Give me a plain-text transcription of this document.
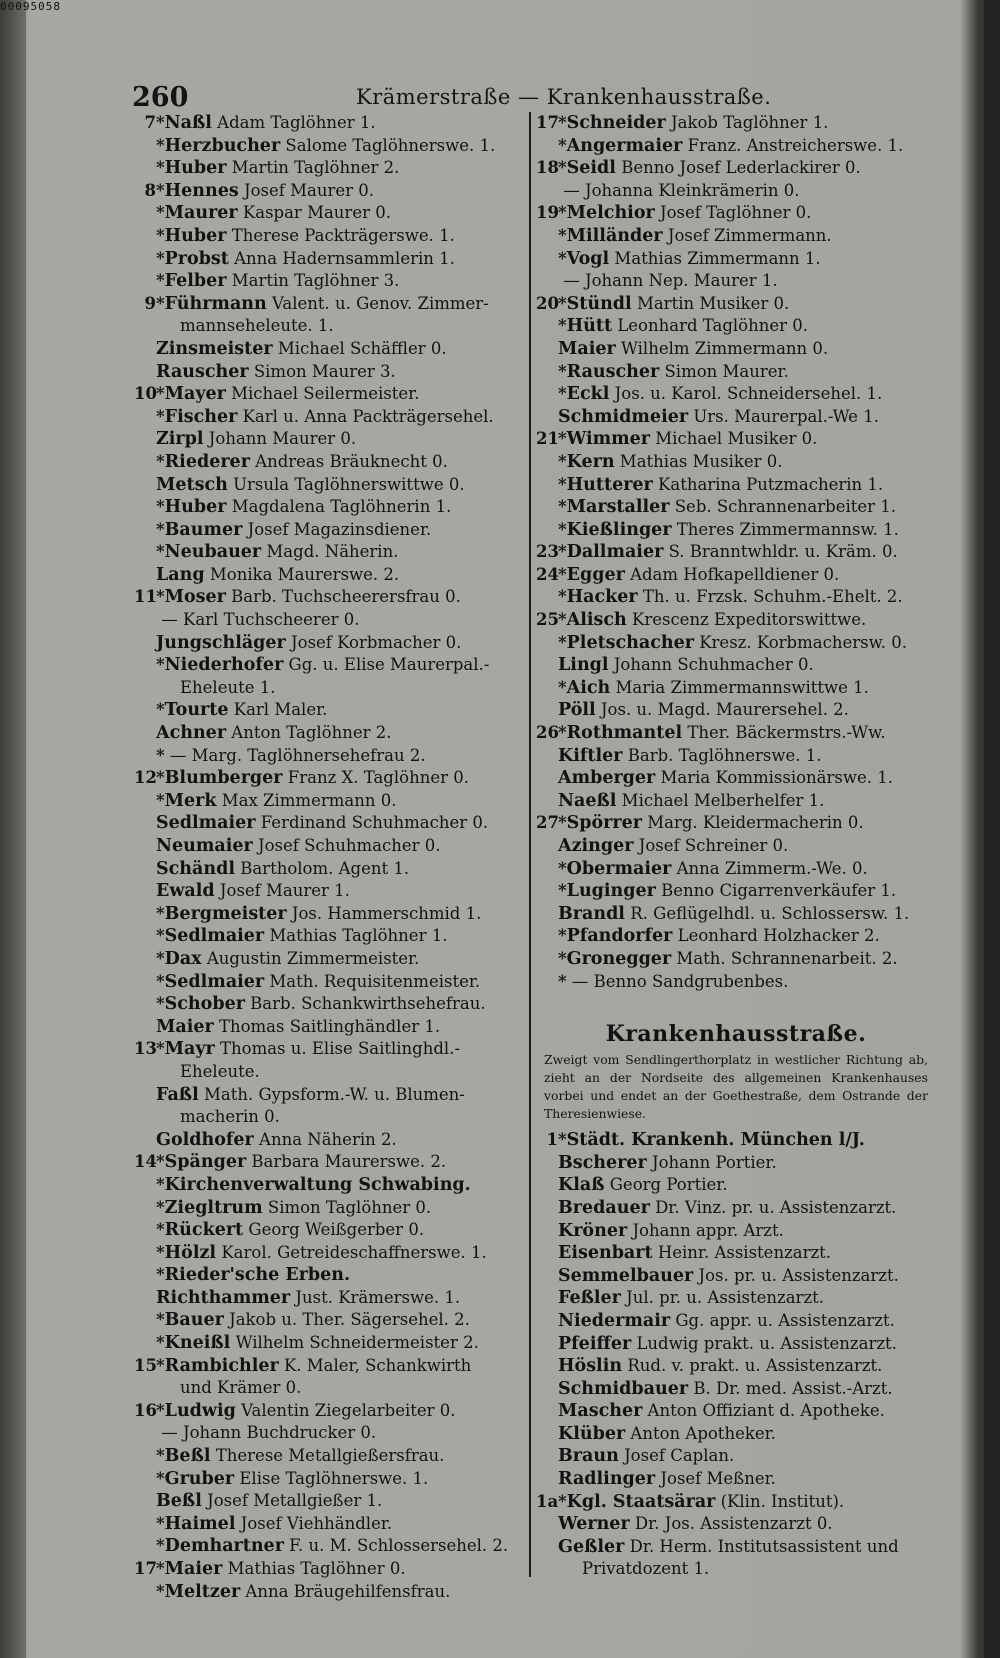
00095058
260	Krämerstraße — Krankenhausstraße.
7*Naßl Adam Taglöhner 1.
*Herzbucher Salome Taglöhnerswe. 1.
*Huber Martin Taglöhner 2.
8*Hennes Josef Maurer 0.
*Maurer Kaspar Maurer 0.
*Huber Therese Packträgerswe. 1.
*Probst Anna Hadernsammlerin 1.
*Felber Martin Taglöhner 3.
9*Führmann Valent. u. Genov. Zimmer-
mannseheleute. 1.
Zinsmeister Michael Schäffler 0.
Rauscher Simon Maurer 3.
10*Mayer Michael Seilermeister.
*Fischer Karl u. Anna Packträgersehel.
Zirpl Johann Maurer 0.
*Riederer Andreas Bräuknecht 0.
Metsch Ursula Taglöhnerswittwe 0.
*Huber Magdalena Taglöhnerin 1.
*Baumer Josef Magazinsdiener.
*Neubauer Magd. Näherin.
Lang Monika Maurerswe. 2.
11*Moser Barb. Tuchscheerersfrau 0.
— Karl Tuchscheerer 0.
Jungschläger Josef Korbmacher 0.
*Niederhofer Gg. u. Elise Maurerpal.-
Eheleute 1.
*Tourte Karl Maler.
Achner Anton Taglöhner 2.
* — Marg. Taglöhnersehefrau 2.
12*Blumberger Franz X. Taglöhner 0.
*Merk Max Zimmermann 0.
Sedlmaier Ferdinand Schuhmacher 0.
Neumaier Josef Schuhmacher 0.
Schändl Bartholom. Agent 1.
Ewald Josef Maurer 1.
*Bergmeister Jos. Hammerschmid 1.
*Sedlmaier Mathias Taglöhner 1.
*Dax Augustin Zimmermeister.
*Sedlmaier Math. Requisitenmeister.
*Schober Barb. Schankwirthsehefrau.
Maier Thomas Saitlinghändler 1.
13*Mayr Thomas u. Elise Saitlinghdl.-
Eheleute.
Faßl Math. Gypsform.-W. u. Blumen-
macherin 0.
Goldhofer Anna Näherin 2.
14*Spänger Barbara Maurerswe. 2.
*Kirchenverwaltung Schwabing.
*Ziegltrum Simon Taglöhner 0.
*Rückert Georg Weißgerber 0.
*Hölzl Karol. Getreideschaffnerswe. 1.
*Rieder'sche Erben.
Richthammer Just. Krämerswe. 1.
*Bauer Jakob u. Ther. Sägersehel. 2.
*Kneißl Wilhelm Schneidermeister 2.
15*Rambichler K. Maler, Schankwirth
und Krämer 0.
16*Ludwig Valentin Ziegelarbeiter 0.
— Johann Buchdrucker 0.
*Beßl Therese Metallgießersfrau.
*Gruber Elise Taglöhnerswe. 1.
Beßl Josef Metallgießer 1.
*Haimel Josef Viehhändler.
*Demhartner F. u. M. Schlossersehel. 2.
17*Maier Mathias Taglöhner 0.
*Meltzer Anna Bräugehilfensfrau.
17*Schneider Jakob Taglöhner 1.
*Angermaier Franz. Anstreicherswe. 1.
18*Seidl Benno Josef Lederlackirer 0.
— Johanna Kleinkrämerin 0.
19*Melchior Josef Taglöhner 0.
*Milländer Josef Zimmermann.
*Vogl Mathias Zimmermann 1.
— Johann Nep. Maurer 1.
20*Stündl Martin Musiker 0.
*Hütt Leonhard Taglöhner 0.
Maier Wilhelm Zimmermann 0.
*Rauscher Simon Maurer.
*Eckl Jos. u. Karol. Schneidersehel. 1.
Schmidmeier Urs. Maurerpal.-We 1.
21*Wimmer Michael Musiker 0.
*Kern Mathias Musiker 0.
*Hutterer Katharina Putzmacherin 1.
*Marstaller Seb. Schrannenarbeiter 1.
*Kießlinger Theres Zimmermannsw. 1.
23*Dallmaier S. Branntwhldr. u. Kräm. 0.
24*Egger Adam Hofkapelldiener 0.
*Hacker Th. u. Frzsk. Schuhm.-Ehelt. 2.
25*Alisch Krescenz Expeditorswittwe.
*Pletschacher Kresz. Korbmachersw. 0.
Lingl Johann Schuhmacher 0.
*Aich Maria Zimmermannswittwe 1.
Pöll Jos. u. Magd. Maurersehel. 2.
26*Rothmantel Ther. Bäckermstrs.-Ww.
Kiftler Barb. Taglöhnerswe. 1.
Amberger Maria Kommissionärswe. 1.
Naeßl Michael Melberhelfer 1.
27*Spörrer Marg. Kleidermacherin 0.
Azinger Josef Schreiner 0.
*Obermaier Anna Zimmerm.-We. 0.
*Luginger Benno Cigarrenverkäufer 1.
Brandl R. Geflügelhdl. u. Schlossersw. 1.
*Pfandorfer Leonhard Holzhacker 2.
*Gronegger Math. Schrannenarbeit. 2.
* — Benno Sandgrubenbes.
Krankenhausstraße.
Zweigt vom Sendlingerthorplatz in westlicher Richtung ab, zieht an der Nordseite des allgemeinen Krankenhauses vorbei und endet an der Goethestraße, dem Ostrande der Theresienwiese.
1*Städt. Krankenh. München l/J.
Bscherer Johann Portier.
Klaß Georg Portier.
Bredauer Dr. Vinz. pr. u. Assistenzarzt.
Kröner Johann appr. Arzt.
Eisenbart Heinr. Assistenzarzt.
Semmelbauer Jos. pr. u. Assistenzarzt.
Feßler Jul. pr. u. Assistenzarzt.
Niedermair Gg. appr. u. Assistenzarzt.
Pfeiffer Ludwig prakt. u. Assistenzarzt.
Höslin Rud. v. prakt. u. Assistenzarzt.
Schmidbauer B. Dr. med. Assist.-Arzt.
Mascher Anton Offiziant d. Apotheke.
Klüber Anton Apotheker.
Braun Josef Caplan.
Radlinger Josef Meßner.
1a*Kgl. Staatsärar (Klin. Institut).
Werner Dr. Jos. Assistenzarzt 0.
Geßler Dr. Herm. Institutsassistent und
Privatdozent 1.
